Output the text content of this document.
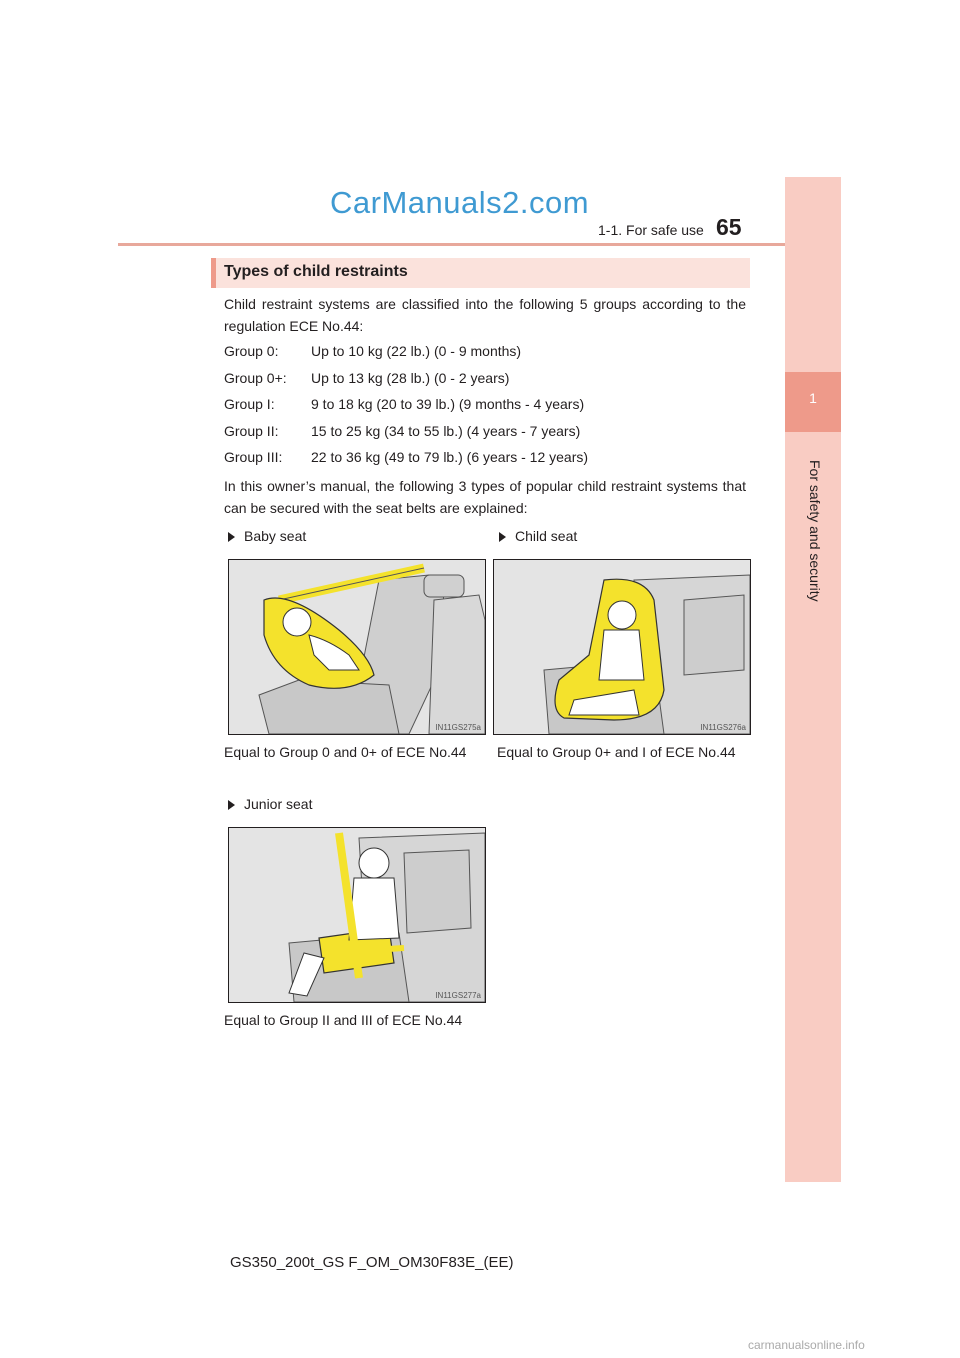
CarManuals2.com
1-1. For safe use 65
1
For safety and security
Types of child restraints
Child restraint systems are classified into the following 5 groups according to the regulation ECE No.44:
Group 0: Up to 10 kg (22 lb.) (0 - 9 months)
Group 0+: Up to 13 kg (28 lb.) (0 - 2 years)
Group I:	9 to 18 kg (20 to 39 lb.) (9 months - 4 years)
Group II: 15 to 25 kg (34 to 55 lb.) (4 years - 7 years)
Group III: 22 to 36 kg (49 to 79 lb.) (6 years - 12 years)
In this owner’s manual, the following 3 types of popular child restraint systems that can be secured with the seat belts are explained:
Baby seat
IN11GS275a
Equal to Group 0 and 0+ of ECE No.44
Child seat
IN11GS276a
Equal to Group 0+ and I of ECE No.44
Junior seat
IN11GS277a
Equal to Group II and III of ECE No.44
GS350_200t_GS F_OM_OM30F83E_(EE)
carmanualsonline.info
